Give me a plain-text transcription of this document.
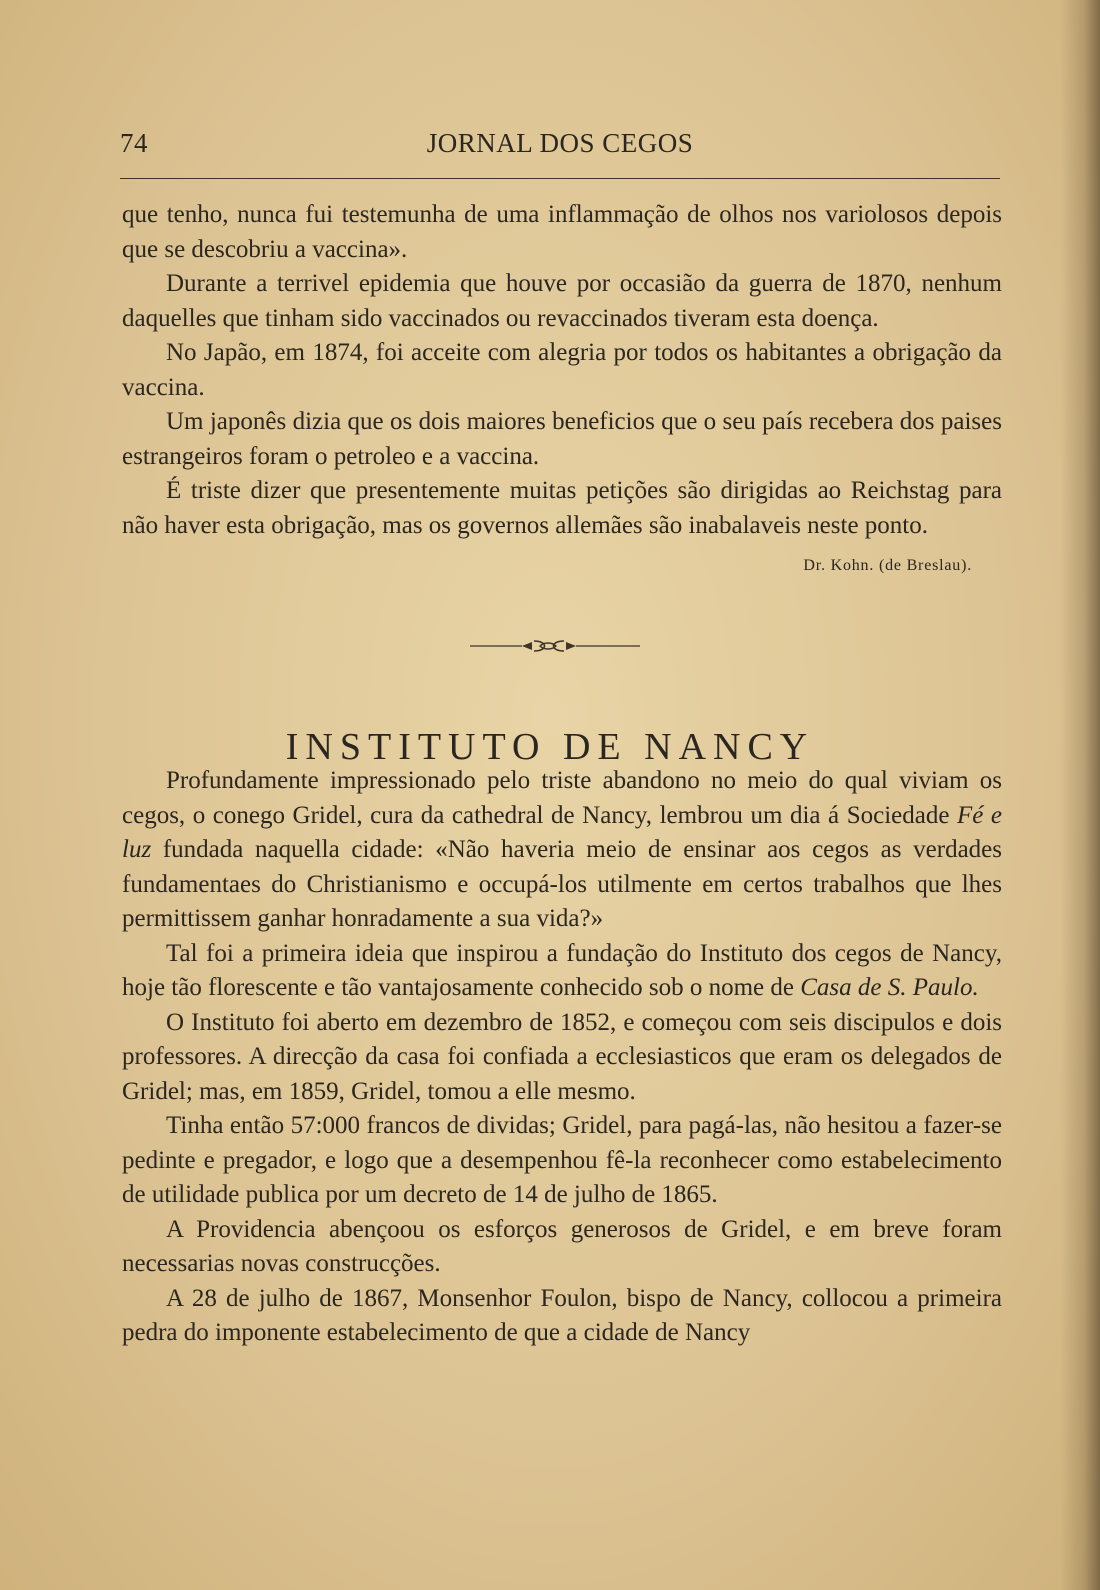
74	JORNAL DOS CEGOS

que tenho, nunca fui testemunha de uma inflammação de olhos nos variolosos depois que se descobriu a vaccina».

Durante a terrivel epidemia que houve por occasião da guerra de 1870, nenhum daquelles que tinham sido vaccinados ou revaccinados tiveram esta doença.

No Japão, em 1874, foi acceite com alegria por todos os habitantes a obrigação da vaccina.

Um japonês dizia que os dois maiores beneficios que o seu país recebera dos paises estrangeiros foram o petroleo e a vaccina.

É triste dizer que presentemente muitas petições são dirigidas ao Reichstag para não haver esta obrigação, mas os governos allemães são inabalaveis neste ponto.
Dr. Kohn. (de Breslau).

INSTITUTO DE NANCY

Profundamente impressionado pelo triste abandono no meio do qual viviam os cegos, o conego Gridel, cura da cathedral de Nancy, lembrou um dia á Sociedade Fé e luz fundada naquella cidade: «Não haveria meio de ensinar aos cegos as verdades fundamentaes do Christianismo e occupá-los utilmente em certos trabalhos que lhes permittissem ganhar honradamente a sua vida?»

Tal foi a primeira ideia que inspirou a fundação do Instituto dos cegos de Nancy, hoje tão florescente e tão vantajosamente conhecido sob o nome de Casa de S. Paulo.

O Instituto foi aberto em dezembro de 1852, e começou com seis discipulos e dois professores. A direcção da casa foi confiada a ecclesiasticos que eram os delegados de Gridel; mas, em 1859, Gridel, tomou a elle mesmo.

Tinha então 57:000 francos de dividas; Gridel, para pagá-las, não hesitou a fazer-se pedinte e pregador, e logo que a desempenhou fê-la reconhecer como estabelecimento de utilidade publica por um decreto de 14 de julho de 1865.

A Providencia abençoou os esforços generosos de Gridel, e em breve foram necessarias novas construcções.

A 28 de julho de 1867, Monsenhor Foulon, bispo de Nancy, collocou a primeira pedra do imponente estabelecimento de que a cidade de Nancy
